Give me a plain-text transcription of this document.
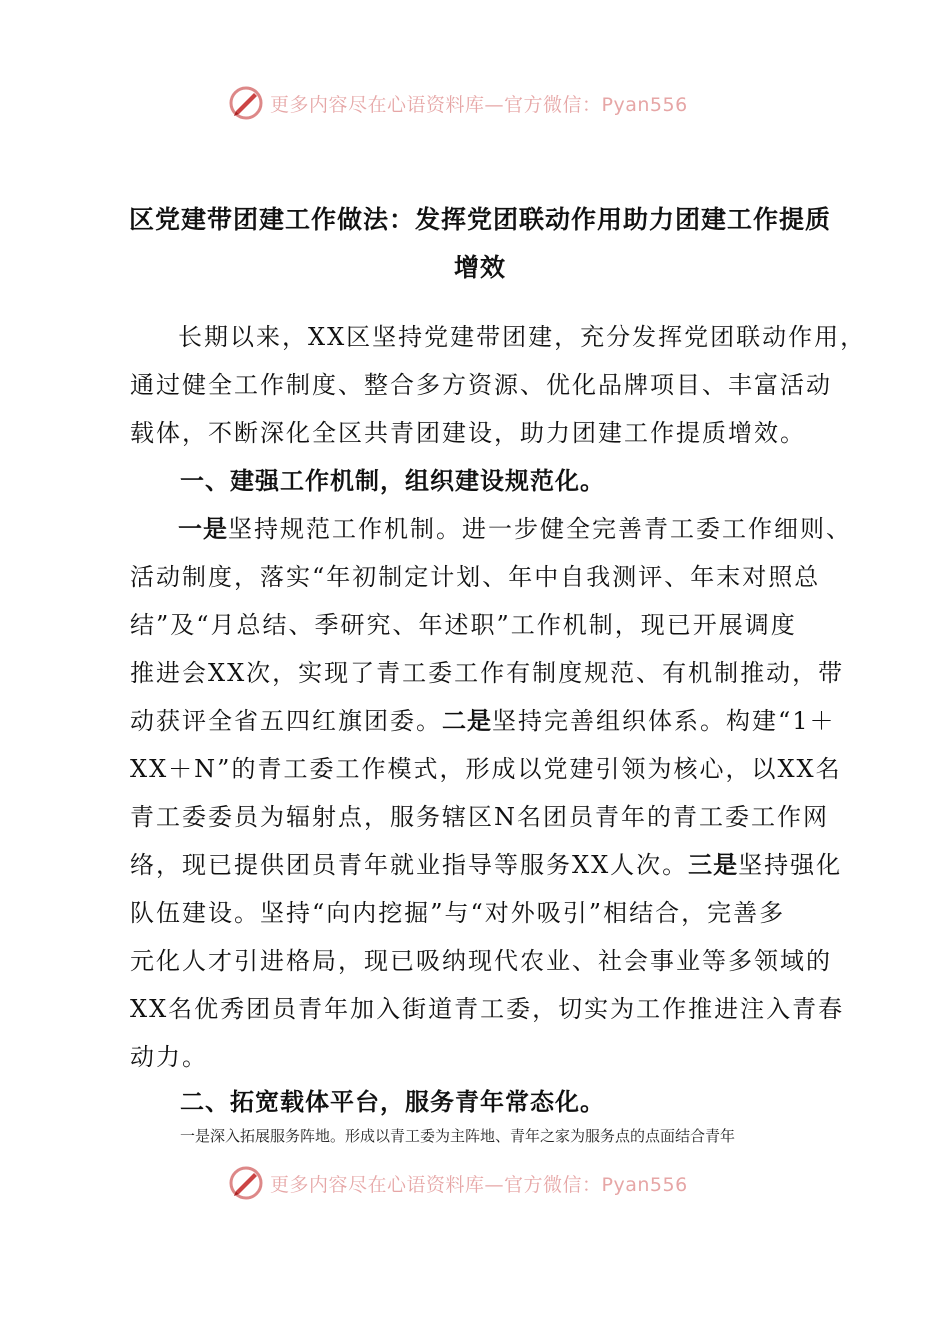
更多内容尽在心语资料库—官方微信：Pyan556
区党建带团建工作做法：发挥党团联动作用助力团建工作提质
增效
长期以来，XX区坚持党建带团建，充分发挥党团联动作用，
通过健全工作制度、整合多方资源、优化品牌项目、丰富活动
载体，不断深化全区共青团建设，助力团建工作提质增效。
一、建强工作机制，组织建设规范化。
一是坚持规范工作机制。进一步健全完善青工委工作细则、
活动制度，落实“年初制定计划、年中自我测评、年末对照总
结”及“月总结、季研究、年述职”工作机制，现已开展调度
推进会XX次，实现了青工委工作有制度规范、有机制推动，带
动获评全省五四红旗团委。二是坚持完善组织体系。构建“1＋
XX＋N”的青工委工作模式，形成以党建引领为核心，以XX名
青工委委员为辐射点，服务辖区N名团员青年的青工委工作网
络，现已提供团员青年就业指导等服务XX人次。三是坚持强化
队伍建设。坚持“向内挖掘”与“对外吸引”相结合，完善多
元化人才引进格局，现已吸纳现代农业、社会事业等多领域的
XX名优秀团员青年加入街道青工委，切实为工作推进注入青春
动力。
二、拓宽载体平台，服务青年常态化。
一是深入拓展服务阵地。形成以青工委为主阵地、青年之家为服务点的点面结合青年
更多内容尽在心语资料库—官方微信：Pyan556
